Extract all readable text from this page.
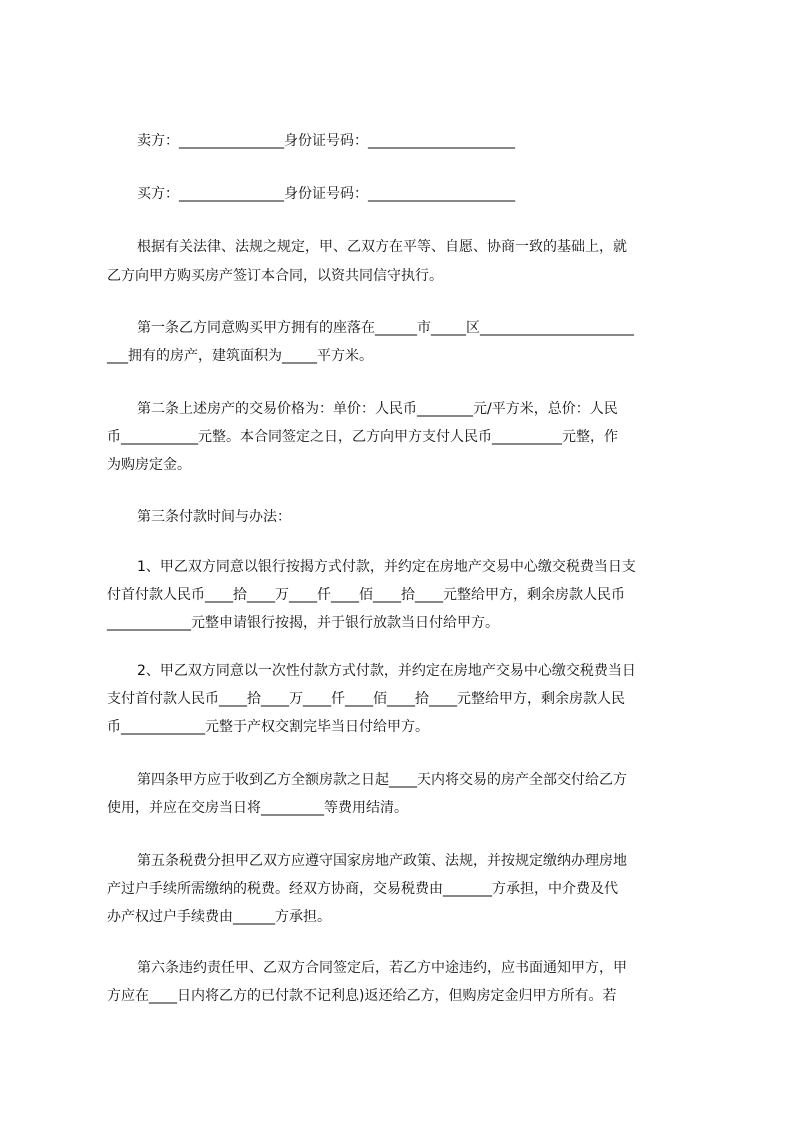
卖方：_______________身份证号码：_____________________
买方：_______________身份证号码：_____________________
根据有关法律、法规之规定，甲、乙双方在平等、自愿、协商一致的基础上，就
乙方向甲方购买房产签订本合同，以资共同信守执行。
第一条乙方同意购买甲方拥有的座落在______市_____区______________________
___拥有的房产，建筑面积为_____平方米。
第二条上述房产的交易价格为：单价：人民币________元/平方米，总价：人民
币___________元整。本合同签定之日，乙方向甲方支付人民币__________元整，作
为购房定金。
第三条付款时间与办法：
1、甲乙双方同意以银行按揭方式付款，并约定在房地产交易中心缴交税费当日支
付首付款人民币____拾____万____仟____佰____拾____元整给甲方，剩余房款人民币
____________元整申请银行按揭，并于银行放款当日付给甲方。
2、甲乙双方同意以一次性付款方式付款，并约定在房地产交易中心缴交税费当日
支付首付款人民币____拾____万____仟____佰____拾____元整给甲方，剩余房款人民
币____________元整于产权交割完毕当日付给甲方。
第四条甲方应于收到乙方全额房款之日起____天内将交易的房产全部交付给乙方
使用，并应在交房当日将_________等费用结清。
第五条税费分担甲乙双方应遵守国家房地产政策、法规，并按规定缴纳办理房地
产过户手续所需缴纳的税费。经双方协商，交易税费由_______方承担，中介费及代
办产权过户手续费由______方承担。
第六条违约责任甲、乙双方合同签定后，若乙方中途违约，应书面通知甲方，甲
方应在____日内将乙方的已付款不记利息)返还给乙方，但购房定金归甲方所有。若
